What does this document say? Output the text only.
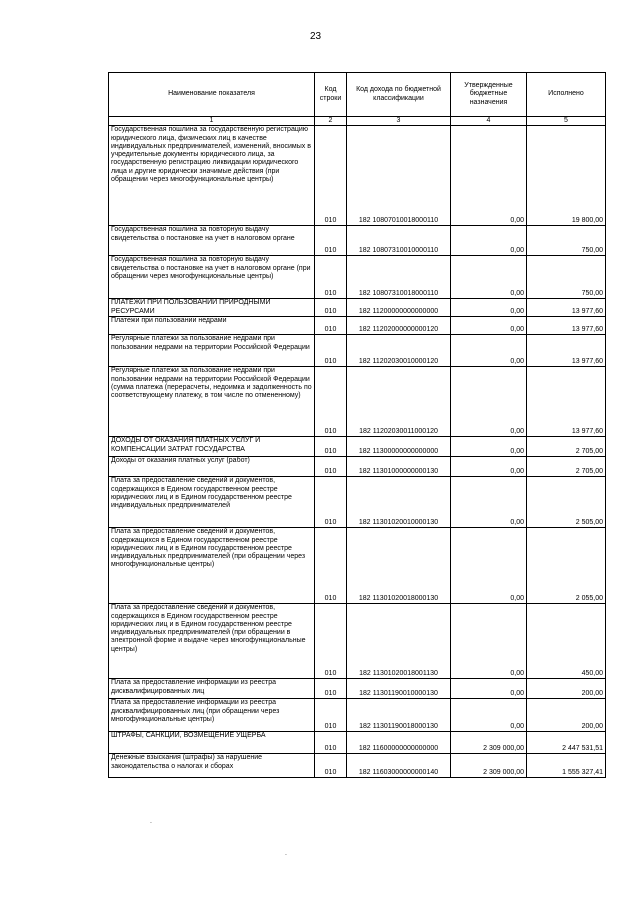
23
Наименование показателя	Код строки	Код дохода по бюджетной классификации	Утвержденные бюджетные назначения	Исполнено
1	2	3	4	5
Государственная пошлина за государственную регистрацию юридического лица, физических лиц в качестве индивидуальных предпринимателей, изменений, вносимых в учредительные документы юридического лица, за государственную регистрацию ликвидации юридического лица и другие юридически значимые действия (при обращении через многофункциональные центры)	010	182 10807010018000110	0,00	19 800,00
Государственная пошлина за повторную выдачу свидетельства о постановке на учет в налоговом органе	010	182 10807310010000110	0,00	750,00
Государственная пошлина за повторную выдачу свидетельства о постановке на учет в налоговом органе (при обращении через многофункциональные центры)	010	182 10807310018000110	0,00	750,00
ПЛАТЕЖИ ПРИ ПОЛЬЗОВАНИИ ПРИРОДНЫМИ РЕСУРСАМИ	010	182 11200000000000000	0,00	13 977,60
Платежи при пользовании недрами	010	182 11202000000000120	0,00	13 977,60
Регулярные платежи за пользование недрами при пользовании недрами на территории Российской Федерации	010	182 11202030010000120	0,00	13 977,60
Регулярные платежи за пользование недрами при пользовании недрами на территории Российской Федерации (сумма платежа (перерасчеты, недоимка и задолженность по соответствующему платежу, в том числе по отмененному)	010	182 11202030011000120	0,00	13 977,60
ДОХОДЫ ОТ ОКАЗАНИЯ ПЛАТНЫХ УСЛУГ И КОМПЕНСАЦИИ ЗАТРАТ ГОСУДАРСТВА	010	182 11300000000000000	0,00	2 705,00
Доходы от оказания платных услуг (работ)	010	182 11301000000000130	0,00	2 705,00
Плата за предоставление сведений и документов, содержащихся в Едином государственном реестре юридических лиц и в Едином государственном реестре индивидуальных предпринимателей	010	182 11301020010000130	0,00	2 505,00
Плата за предоставление сведений и документов, содержащихся в Едином государственном реестре юридических лиц и в Едином государственном реестре индивидуальных предпринимателей (при обращении через многофункциональные центры)	010	182 11301020018000130	0,00	2 055,00
Плата за предоставление сведений и документов, содержащихся в Едином государственном реестре юридических лиц и в Едином государственном реестре индивидуальных предпринимателей (при обращении в электронной форме и выдаче через многофункциональные центры)	010	182 11301020018001130	0,00	450,00
Плата за предоставление информации из реестра дисквалифицированных лиц	010	182 11301190010000130	0,00	200,00
Плата за предоставление информации из реестра дисквалифицированных лиц (при обращении через многофункциональные центры)	010	182 11301190018000130	0,00	200,00
ШТРАФЫ, САНКЦИИ, ВОЗМЕЩЕНИЕ УЩЕРБА	010	182 11600000000000000	2 309 000,00	2 447 531,51
Денежные взыскания (штрафы) за нарушение законодательства о налогах и сборах	010	182 11603000000000140	2 309 000,00	1 555 327,41
.
.
